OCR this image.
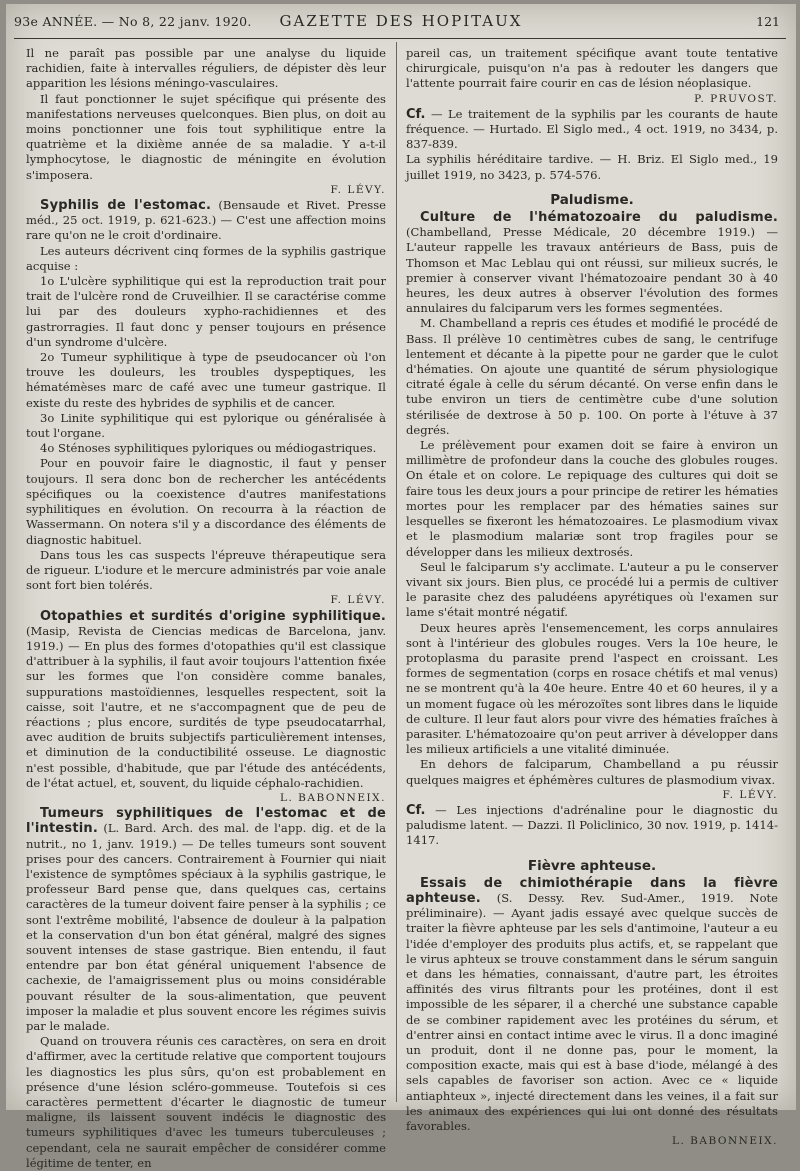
93e ANNÉE. — No 8, 22 janv. 1920.	GAZETTE DES HOPITAUX	121

Il ne paraît pas possible par une analyse du liquide rachidien, faite à intervalles réguliers, de dépister dès leur apparition les lésions méningo-vasculaires.

Il faut ponctionner le sujet spécifique qui présente des manifestations nerveuses quelconques. Bien plus, on doit au moins ponctionner une fois tout syphilitique entre la quatrième et la dixième année de sa maladie. Y a-t-il lymphocytose, le diagnostic de méningite en évolution s'imposera.

F. LÉVY.

Syphilis de l'estomac. (Bensaude et Rivet. Presse méd., 25 oct. 1919, p. 621-623.) — C'est une affection moins rare qu'on ne le croit d'ordinaire.

Les auteurs décrivent cinq formes de la syphilis gastrique acquise :

1o L'ulcère syphilitique qui est la reproduction trait pour trait de l'ulcère rond de Cruveilhier. Il se caractérise comme lui par des douleurs xypho-rachidiennes et des gastrorragies. Il faut donc y penser toujours en présence d'un syndrome d'ulcère.

2o Tumeur syphilitique à type de pseudocancer où l'on trouve les douleurs, les troubles dyspeptiques, les hématémèses marc de café avec une tumeur gastrique. Il existe du reste des hybrides de syphilis et de cancer.

3o Linite syphilitique qui est pylorique ou généralisée à tout l'organe.

4o Sténoses syphilitiques pyloriques ou médiogastriques.

Pour en pouvoir faire le diagnostic, il faut y penser toujours. Il sera donc bon de rechercher les antécédents spécifiques ou la coexistence d'autres manifestations syphilitiques en évolution. On recourra à la réaction de Wassermann. On notera s'il y a discordance des éléments de diagnostic habituel.

Dans tous les cas suspects l'épreuve thérapeutique sera de rigueur. L'iodure et le mercure administrés par voie anale sont fort bien tolérés.

F. LÉVY.

Otopathies et surdités d'origine syphilitique. (Masip, Revista de Ciencias medicas de Barcelona, janv. 1919.) — En plus des formes d'otopathies qu'il est classique d'attribuer à la syphilis, il faut avoir toujours l'attention fixée sur les formes que l'on considère comme banales, suppurations mastoïdiennes, lesquelles respectent, soit la caisse, soit l'autre, et ne s'accompagnent que de peu de réactions ; plus encore, surdités de type pseudocatarrhal, avec audition de bruits subjectifs particulièrement intenses, et diminution de la conductibilité osseuse. Le diagnostic n'est possible, d'habitude, que par l'étude des antécédents, de l'état actuel, et, souvent, du liquide céphalo-rachidien.

L. BABONNEIX.

Tumeurs syphilitiques de l'estomac et de l'intestin. (L. Bard. Arch. des mal. de l'app. dig. et de la nutrit., no 1, janv. 1919.) — De telles tumeurs sont souvent prises pour des cancers. Contrairement à Fournier qui niait l'existence de symptômes spéciaux à la syphilis gastrique, le professeur Bard pense que, dans quelques cas, certains caractères de la tumeur doivent faire penser à la syphilis ; ce sont l'extrême mobilité, l'absence de douleur à la palpation et la conservation d'un bon état général, malgré des signes souvent intenses de stase gastrique. Bien entendu, il faut entendre par bon état général uniquement l'absence de cachexie, de l'amaigrissement plus ou moins considérable pouvant résulter de la sous-alimentation, que peuvent imposer la maladie et plus souvent encore les régimes suivis par le malade.

Quand on trouvera réunis ces caractères, on sera en droit d'affirmer, avec la certitude relative que comportent toujours les diagnostics les plus sûrs, qu'on est probablement en présence d'une lésion scléro-gommeuse. Toutefois si ces caractères permettent d'écarter le diagnostic de tumeur maligne, ils laissent souvent indécis le diagnostic des tumeurs syphilitiques d'avec les tumeurs tuberculeuses ; cependant, cela ne saurait empêcher de considérer comme légitime de tenter, en

pareil cas, un traitement spécifique avant toute tentative chirurgicale, puisqu'on n'a pas à redouter les dangers que l'attente pourrait faire courir en cas de lésion néoplasique.

P. PRUVOST.

Cf. — Le traitement de la syphilis par les courants de haute fréquence. — Hurtado. El Siglo med., 4 oct. 1919, no 3434, p. 837-839.

La syphilis héréditaire tardive. — H. Briz. El Siglo med., 19 juillet 1919, no 3423, p. 574-576.

Paludisme.

Culture de l'hématozoaire du paludisme. (Chambelland, Presse Médicale, 20 décembre 1919.) — L'auteur rappelle les travaux antérieurs de Bass, puis de Thomson et Mac Leblau qui ont réussi, sur milieux sucrés, le premier à conserver vivant l'hématozoaire pendant 30 à 40 heures, les deux autres à observer l'évolution des formes annulaires du falciparum vers les formes segmentées.

M. Chambelland a repris ces études et modifié le procédé de Bass. Il prélève 10 centimètres cubes de sang, le centrifuge lentement et décante à la pipette pour ne garder que le culot d'hématies. On ajoute une quantité de sérum physiologique citraté égale à celle du sérum décanté. On verse enfin dans le tube environ un tiers de centimètre cube d'une solution stérilisée de dextrose à 50 p. 100. On porte à l'étuve à 37 degrés.

Le prélèvement pour examen doit se faire à environ un millimètre de profondeur dans la couche des globules rouges. On étale et on colore. Le repiquage des cultures qui doit se faire tous les deux jours a pour principe de retirer les hématies mortes pour les remplacer par des hématies saines sur lesquelles se fixeront les hématozoaires. Le plasmodium vivax et le plasmodium malariæ sont trop fragiles pour se développer dans les milieux dextrosés.

Seul le falciparum s'y acclimate. L'auteur a pu le conserver vivant six jours. Bien plus, ce procédé lui a permis de cultiver le parasite chez des paludéens apyrétiques où l'examen sur lame s'était montré négatif.

Deux heures après l'ensemencement, les corps annulaires sont à l'intérieur des globules rouges. Vers la 10e heure, le protoplasma du parasite prend l'aspect en croissant. Les formes de segmentation (corps en rosace chétifs et mal venus) ne se montrent qu'à la 40e heure. Entre 40 et 60 heures, il y a un moment fugace où les mérozoïtes sont libres dans le liquide de culture. Il leur faut alors pour vivre des hématies fraîches à parasiter. L'hématozoaire qu'on peut arriver à développer dans les milieux artificiels a une vitalité diminuée.

En dehors de falciparum, Chambelland a pu réussir quelques maigres et éphémères cultures de plasmodium vivax.

F. LÉVY.

Cf. — Les injections d'adrénaline pour le diagnostic du paludisme latent. — Dazzi. Il Policlinico, 30 nov. 1919, p. 1414-1417.

Fièvre aphteuse.

Essais de chimiothérapie dans la fièvre aphteuse. (S. Dessy. Rev. Sud-Amer., 1919. Note préliminaire). — Ayant jadis essayé avec quelque succès de traiter la fièvre aphteuse par les sels d'antimoine, l'auteur a eu l'idée d'employer des produits plus actifs, et, se rappelant que le virus aphteux se trouve constamment dans le sérum sanguin et dans les hématies, connaissant, d'autre part, les étroites affinités des virus filtrants pour les protéines, dont il est impossible de les séparer, il a cherché une substance capable de se combiner rapidement avec les protéines du sérum, et d'entrer ainsi en contact intime avec le virus. Il a donc imaginé un produit, dont il ne donne pas, pour le moment, la composition exacte, mais qui est à base d'iode, mélangé à des sels capables de favoriser son action. Avec ce « liquide antiaphteux », injecté directement dans les veines, il a fait sur les animaux des expériences qui lui ont donné des résultats favorables.

L. BABONNEIX.
